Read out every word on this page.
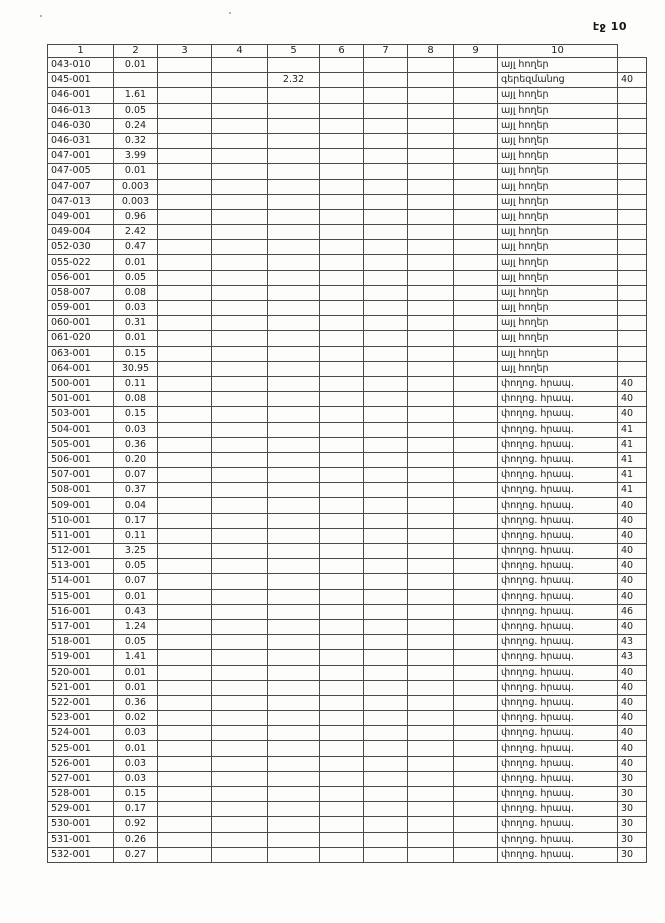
էջ 10
1	2	3	4	5	6	7	8	9	10	
043-010	0.01								այլ հողեր	
045-001				2.32					գերեզմանոց	40
046-001	1.61								այլ հողեր	
046-013	0.05								այլ հողեր	
046-030	0.24								այլ հողեր	
046-031	0.32								այլ հողեր	
047-001	3.99								այլ հողեր	
047-005	0.01								այլ հողեր	
047-007	0.003								այլ հողեր	
047-013	0.003								այլ հողեր	
049-001	0.96								այլ հողեր	
049-004	2.42								այլ հողեր	
052-030	0.47								այլ հողեր	
055-022	0.01								այլ հողեր	
056-001	0.05								այլ հողեր	
058-007	0.08								այլ հողեր	
059-001	0.03								այլ հողեր	
060-001	0.31								այլ հողեր	
061-020	0.01								այլ հողեր	
063-001	0.15								այլ հողեր	
064-001	30.95								այլ հողեր	
500-001	0.11								փողոց. հրապ.	40
501-001	0.08								փողոց. հրապ.	40
503-001	0.15								փողոց. հրապ.	40
504-001	0.03								փողոց. հրապ.	41
505-001	0.36								փողոց. հրապ.	41
506-001	0.20								փողոց. հրապ.	41
507-001	0.07								փողոց. հրապ.	41
508-001	0.37								փողոց. հրապ.	41
509-001	0.04								փողոց. հրապ.	40
510-001	0.17								փողոց. հրապ.	40
511-001	0.11								փողոց. հրապ.	40
512-001	3.25								փողոց. հրապ.	40
513-001	0.05								փողոց. հրապ.	40
514-001	0.07								փողոց. հրապ.	40
515-001	0.01								փողոց. հրապ.	40
516-001	0.43								փողոց. հրապ.	46
517-001	1.24								փողոց. հրապ.	40
518-001	0.05								փողոց. հրապ.	43
519-001	1.41								փողոց. հրապ.	43
520-001	0.01								փողոց. հրապ.	40
521-001	0.01								փողոց. հրապ.	40
522-001	0.36								փողոց. հրապ.	40
523-001	0.02								փողոց. հրապ.	40
524-001	0.03								փողոց. հրապ.	40
525-001	0.01								փողոց. հրապ.	40
526-001	0.03								փողոց. հրապ.	40
527-001	0.03								փողոց. հրապ.	30
528-001	0.15								փողոց. հրապ.	30
529-001	0.17								փողոց. հրապ.	30
530-001	0.92								փողոց. հրապ.	30
531-001	0.26								փողոց. հրապ.	30
532-001	0.27								փողոց. հրապ.	30
